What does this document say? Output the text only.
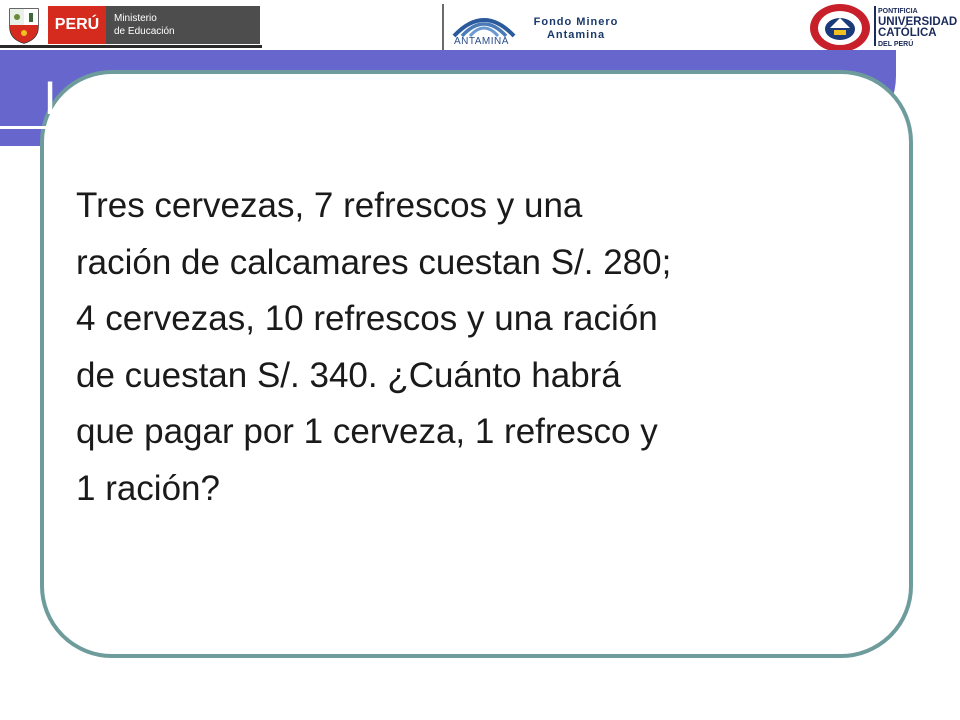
PERÚ	Ministerio
de Educación
ANTAMINA
Fondo Minero
Antamina
PONTIFICIA
UNIVERSIDAD
CATÓLICA
DEL PERÚ
Las cervezas
Tres cervezas, 7 refrescos y una
ración de calcamares cuestan S/. 280;
4 cervezas, 10 refrescos y una ración
de cuestan S/. 340. ¿Cuánto habrá
que pagar por 1 cerveza, 1 refresco y
1 ración?
